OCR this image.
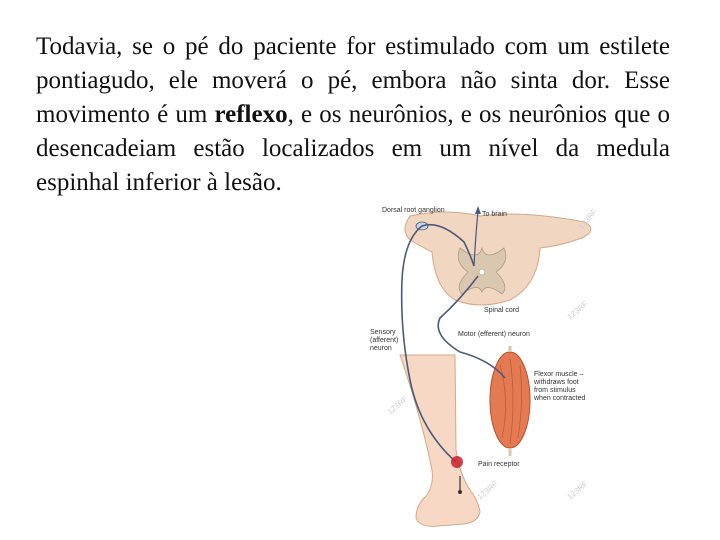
Todavia, se o pé do paciente for estimulado com um estilete pontiagudo, ele moverá o pé, embora não sinta dor. Esse movimento é um reflexo, e os neurônios, e os neurônios que o desencadeiam estão localizados em um nível da medula espinhal inferior à lesão.

Dorsal root ganglion
To brain
Spinal cord
Sensory
(afferent)
neuron
Motor (efferent) neuron
Flexor muscle –
withdraws foot
from stimulus
when contracted
Pain receptor
123RF
123RF
123RF
123RF	123RF
